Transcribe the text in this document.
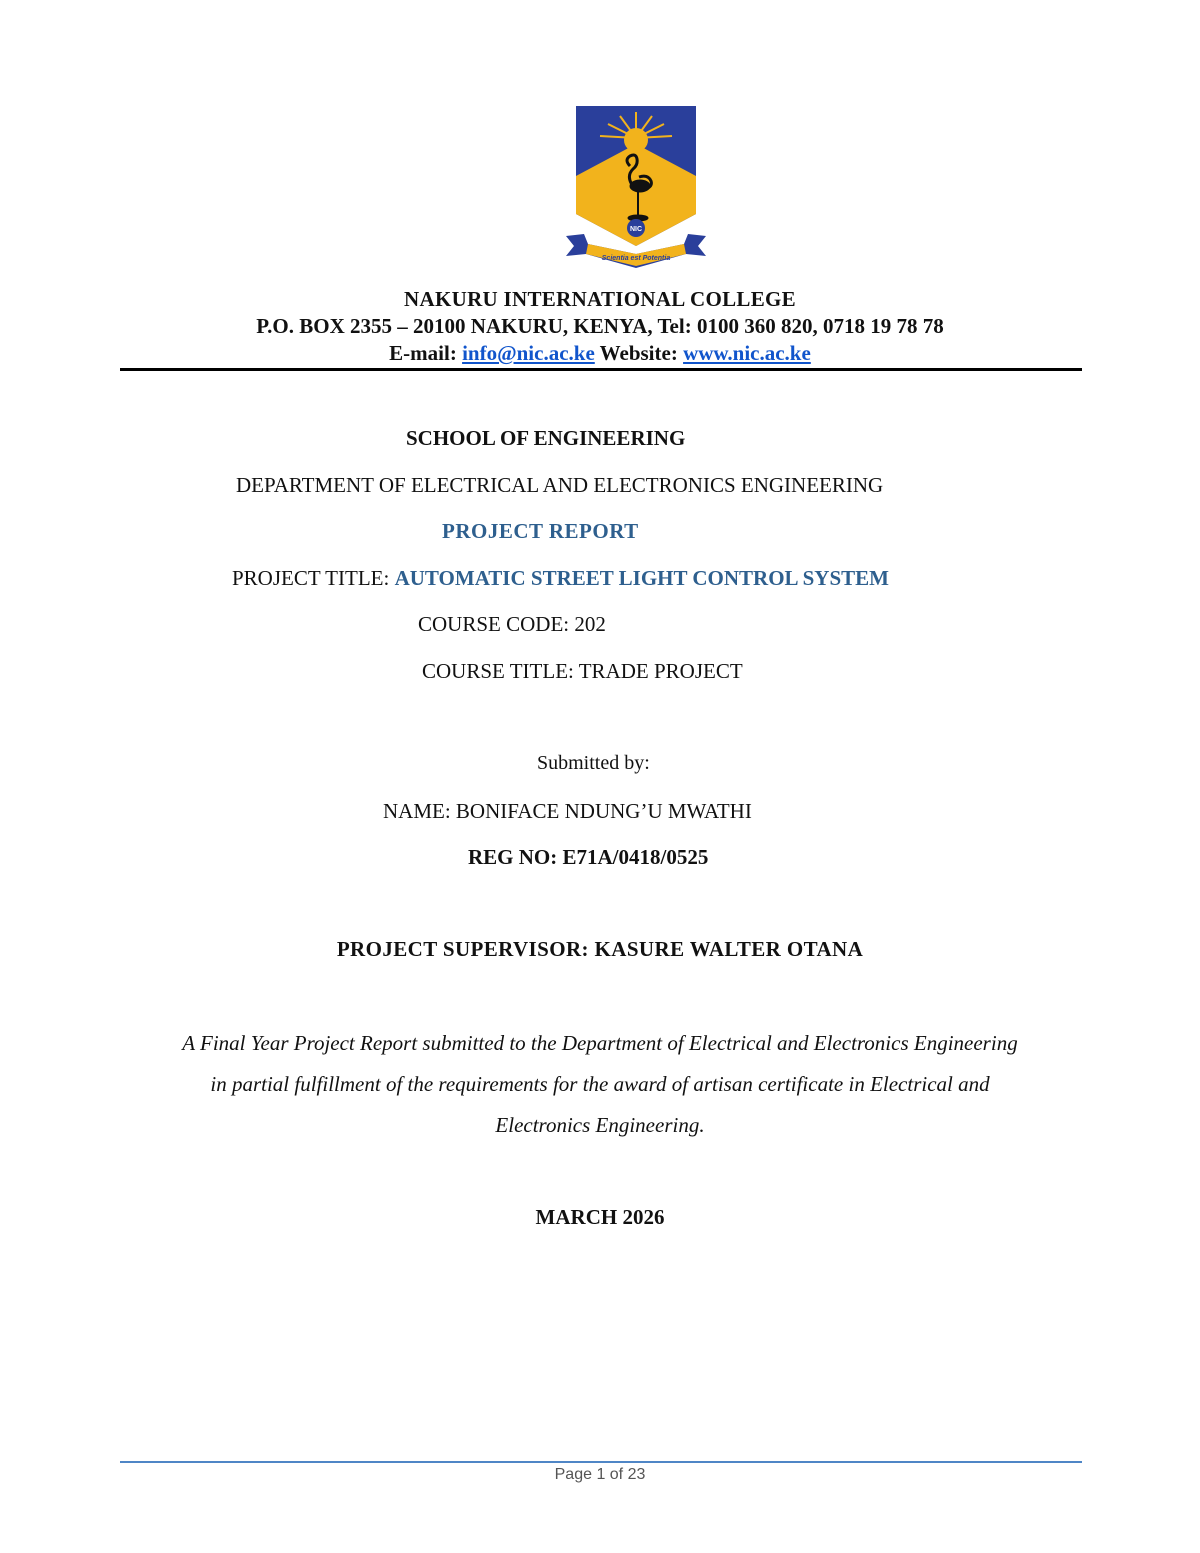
NIC
Scientia est Potentia
NAKURU INTERNATIONAL COLLEGE
P.O. BOX 2355 – 20100 NAKURU, KENYA, Tel: 0100 360 820, 0718 19 78 78
E-mail: info@nic.ac.ke Website: www.nic.ac.ke
SCHOOL OF ENGINEERING
DEPARTMENT OF ELECTRICAL AND ELECTRONICS ENGINEERING
PROJECT REPORT
PROJECT TITLE: AUTOMATIC STREET LIGHT CONTROL SYSTEM
COURSE CODE: 202
COURSE TITLE: TRADE PROJECT
Submitted by:
NAME: BONIFACE NDUNG’U MWATHI
REG NO: E71A/0418/0525
PROJECT SUPERVISOR: KASURE WALTER OTANA
A Final Year Project Report submitted to the Department of Electrical and Electronics Engineering
in partial fulfillment of the requirements for the award of artisan certificate in Electrical and
Electronics Engineering.
MARCH 2026
Page 1 of 23
